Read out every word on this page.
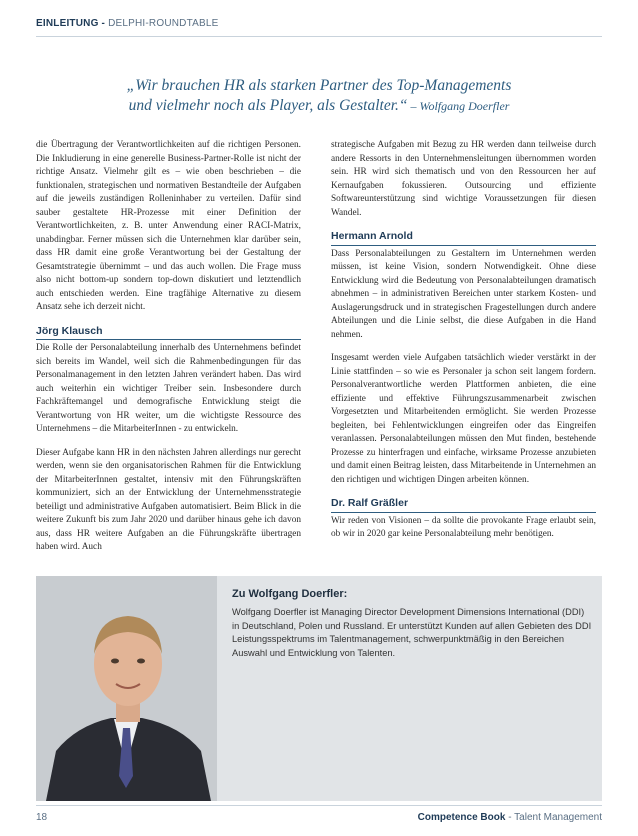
EINLEITUNG - DELPHI-ROUNDTABLE
„Wir brauchen HR als starken Partner des Top-Managements
und vielmehr noch als Player, als Gestalter.“ – Wolfgang Doerfler

die Übertragung der Verantwortlichkeiten auf die richtigen Personen. Die Inkludierung in eine generelle Business-Partner-Rolle ist nicht der richtige Ansatz. Vielmehr gilt es – wie oben beschrieben – die funktionalen, strategischen und normativen Bestandteile der Aufgaben auf die jeweils zuständigen Rolleninhaber zu verteilen. Dafür sind sauber gestaltete HR-Prozesse mit einer Definition der Verantwortlichkeiten, z. B. unter Anwendung einer RACI-Matrix, unabdingbar. Ferner müssen sich die Unternehmen klar darüber sein, dass HR damit eine große Verantwortung bei der Gestaltung der Gesamtstrategie übernimmt – und das auch wollen. Die Frage muss also nicht bottom-up sondern top-down diskutiert und letztendlich auch entschieden werden. Eine tragfähige Alternative zu diesem Ansatz sehe ich derzeit nicht.

Jörg Klausch

Die Rolle der Personalabteilung innerhalb des Unternehmens befindet sich bereits im Wandel, weil sich die Rahmenbedingungen für das Personalmanagement in den letzten Jahren verändert haben. Das wird auch weiterhin ein wichtiger Treiber sein. Insbesondere durch Fachkräftemangel und demografische Entwicklung steigt die Verantwortung von HR weiter, um die wichtigste Ressource des Unternehmens – die MitarbeiterInnen - zu entwickeln.

Dieser Aufgabe kann HR in den nächsten Jahren allerdings nur gerecht werden, wenn sie den organisatorischen Rahmen für die Entwicklung der MitarbeiterInnen gestaltet, intensiv mit den Führungskräften kommuniziert, sich an der Entwicklung der Unternehmensstrategie beteiligt und administrative Aufgaben automatisiert. Beim Blick in die weitere Zukunft bis zum Jahr 2020 und darüber hinaus gehe ich davon aus, dass HR weitere Aufgaben an die Führungskräfte übertragen haben wird. Auch

strategische Aufgaben mit Bezug zu HR werden dann teilweise durch andere Ressorts in den Unternehmensleitungen übernommen worden sein. HR wird sich thematisch und von den Ressourcen her auf Kernaufgaben fokussieren. Outsourcing und effiziente Softwareunterstützung sind wichtige Voraussetzungen für diesen Wandel.

Hermann Arnold

Dass Personalabteilungen zu Gestaltern im Unternehmen werden müssen, ist keine Vision, sondern Notwendigkeit. Ohne diese Entwicklung wird die Bedeutung von Personalabteilungen dramatisch abnehmen – in administrativen Bereichen unter starkem Kosten- und Auslagerungsdruck und in strategischen Fragestellungen durch andere Abteilungen und die Linie selbst, die diese Aufgaben in die Hand nehmen.

Insgesamt werden viele Aufgaben tatsächlich wieder verstärkt in der Linie stattfinden – so wie es Personaler ja schon seit langem fordern. Personalverantwortliche werden Plattformen anbieten, die eine effiziente und effektive Führungszusammenarbeit zwischen Vorgesetzten und Mitarbeitenden ermöglicht. Sie werden Prozesse begleiten, bei Fehlentwicklungen eingreifen oder das Eingreifen veranlassen. Personalabteilungen müssen den Mut finden, bestehende Prozesse zu hinterfragen und einfache, wirksame Prozesse anzubieten und damit einen Beitrag leisten, dass Mitarbeitende in Unternehmen an den richtigen und wichtigen Dingen arbeiten können.

Dr. Ralf Gräßler

Wir reden von Visionen – da sollte die provokante Frage erlaubt sein, ob wir in 2020 gar keine Personalabteilung mehr benötigen.

Zu Wolfgang Doerfler:

Wolfgang Doerfler ist Managing Director Development Dimensions International (DDI) in Deutschland, Polen und Russland. Er unterstützt Kunden auf allen Gebieten des DDI Leistungsspektrums im Talentmanagement, schwerpunktmäßig in den Bereichen Auswahl und Entwicklung von Talenten.

18	Competence Book - Talent Management
